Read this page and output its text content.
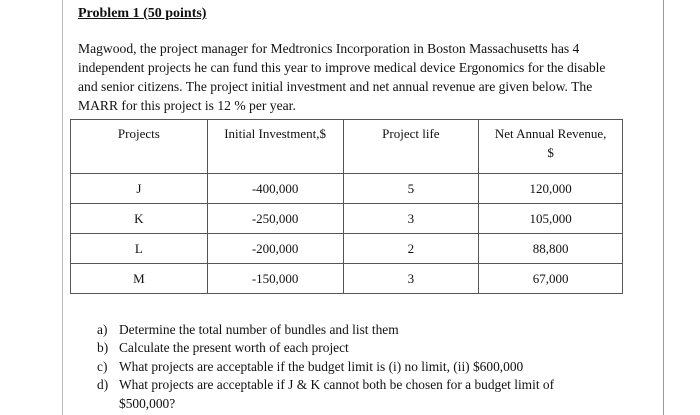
Problem 1 (50 points)
Magwood, the project manager for Medtronics Incorporation in Boston Massachusetts has 4
independent projects he can fund this year to improve medical device Ergonomics for the disable
and senior citizens. The project initial investment and net annual revenue are given below. The
MARR for this project is 12 % per year.
Projects	Initial Investment,$	Project life	Net Annual Revenue,
$
J	-400,000	5	120,000
K	-250,000	3	105,000
L	-200,000	2	88,800
M	-150,000	3	67,000
a) Determine the total number of bundles and list them
b) Calculate the present worth of each project
c) What projects are acceptable if the budget limit is (i) no limit, (ii) $600,000
d) What projects are acceptable if J & K cannot both be chosen for a budget limit of
$500,000?
